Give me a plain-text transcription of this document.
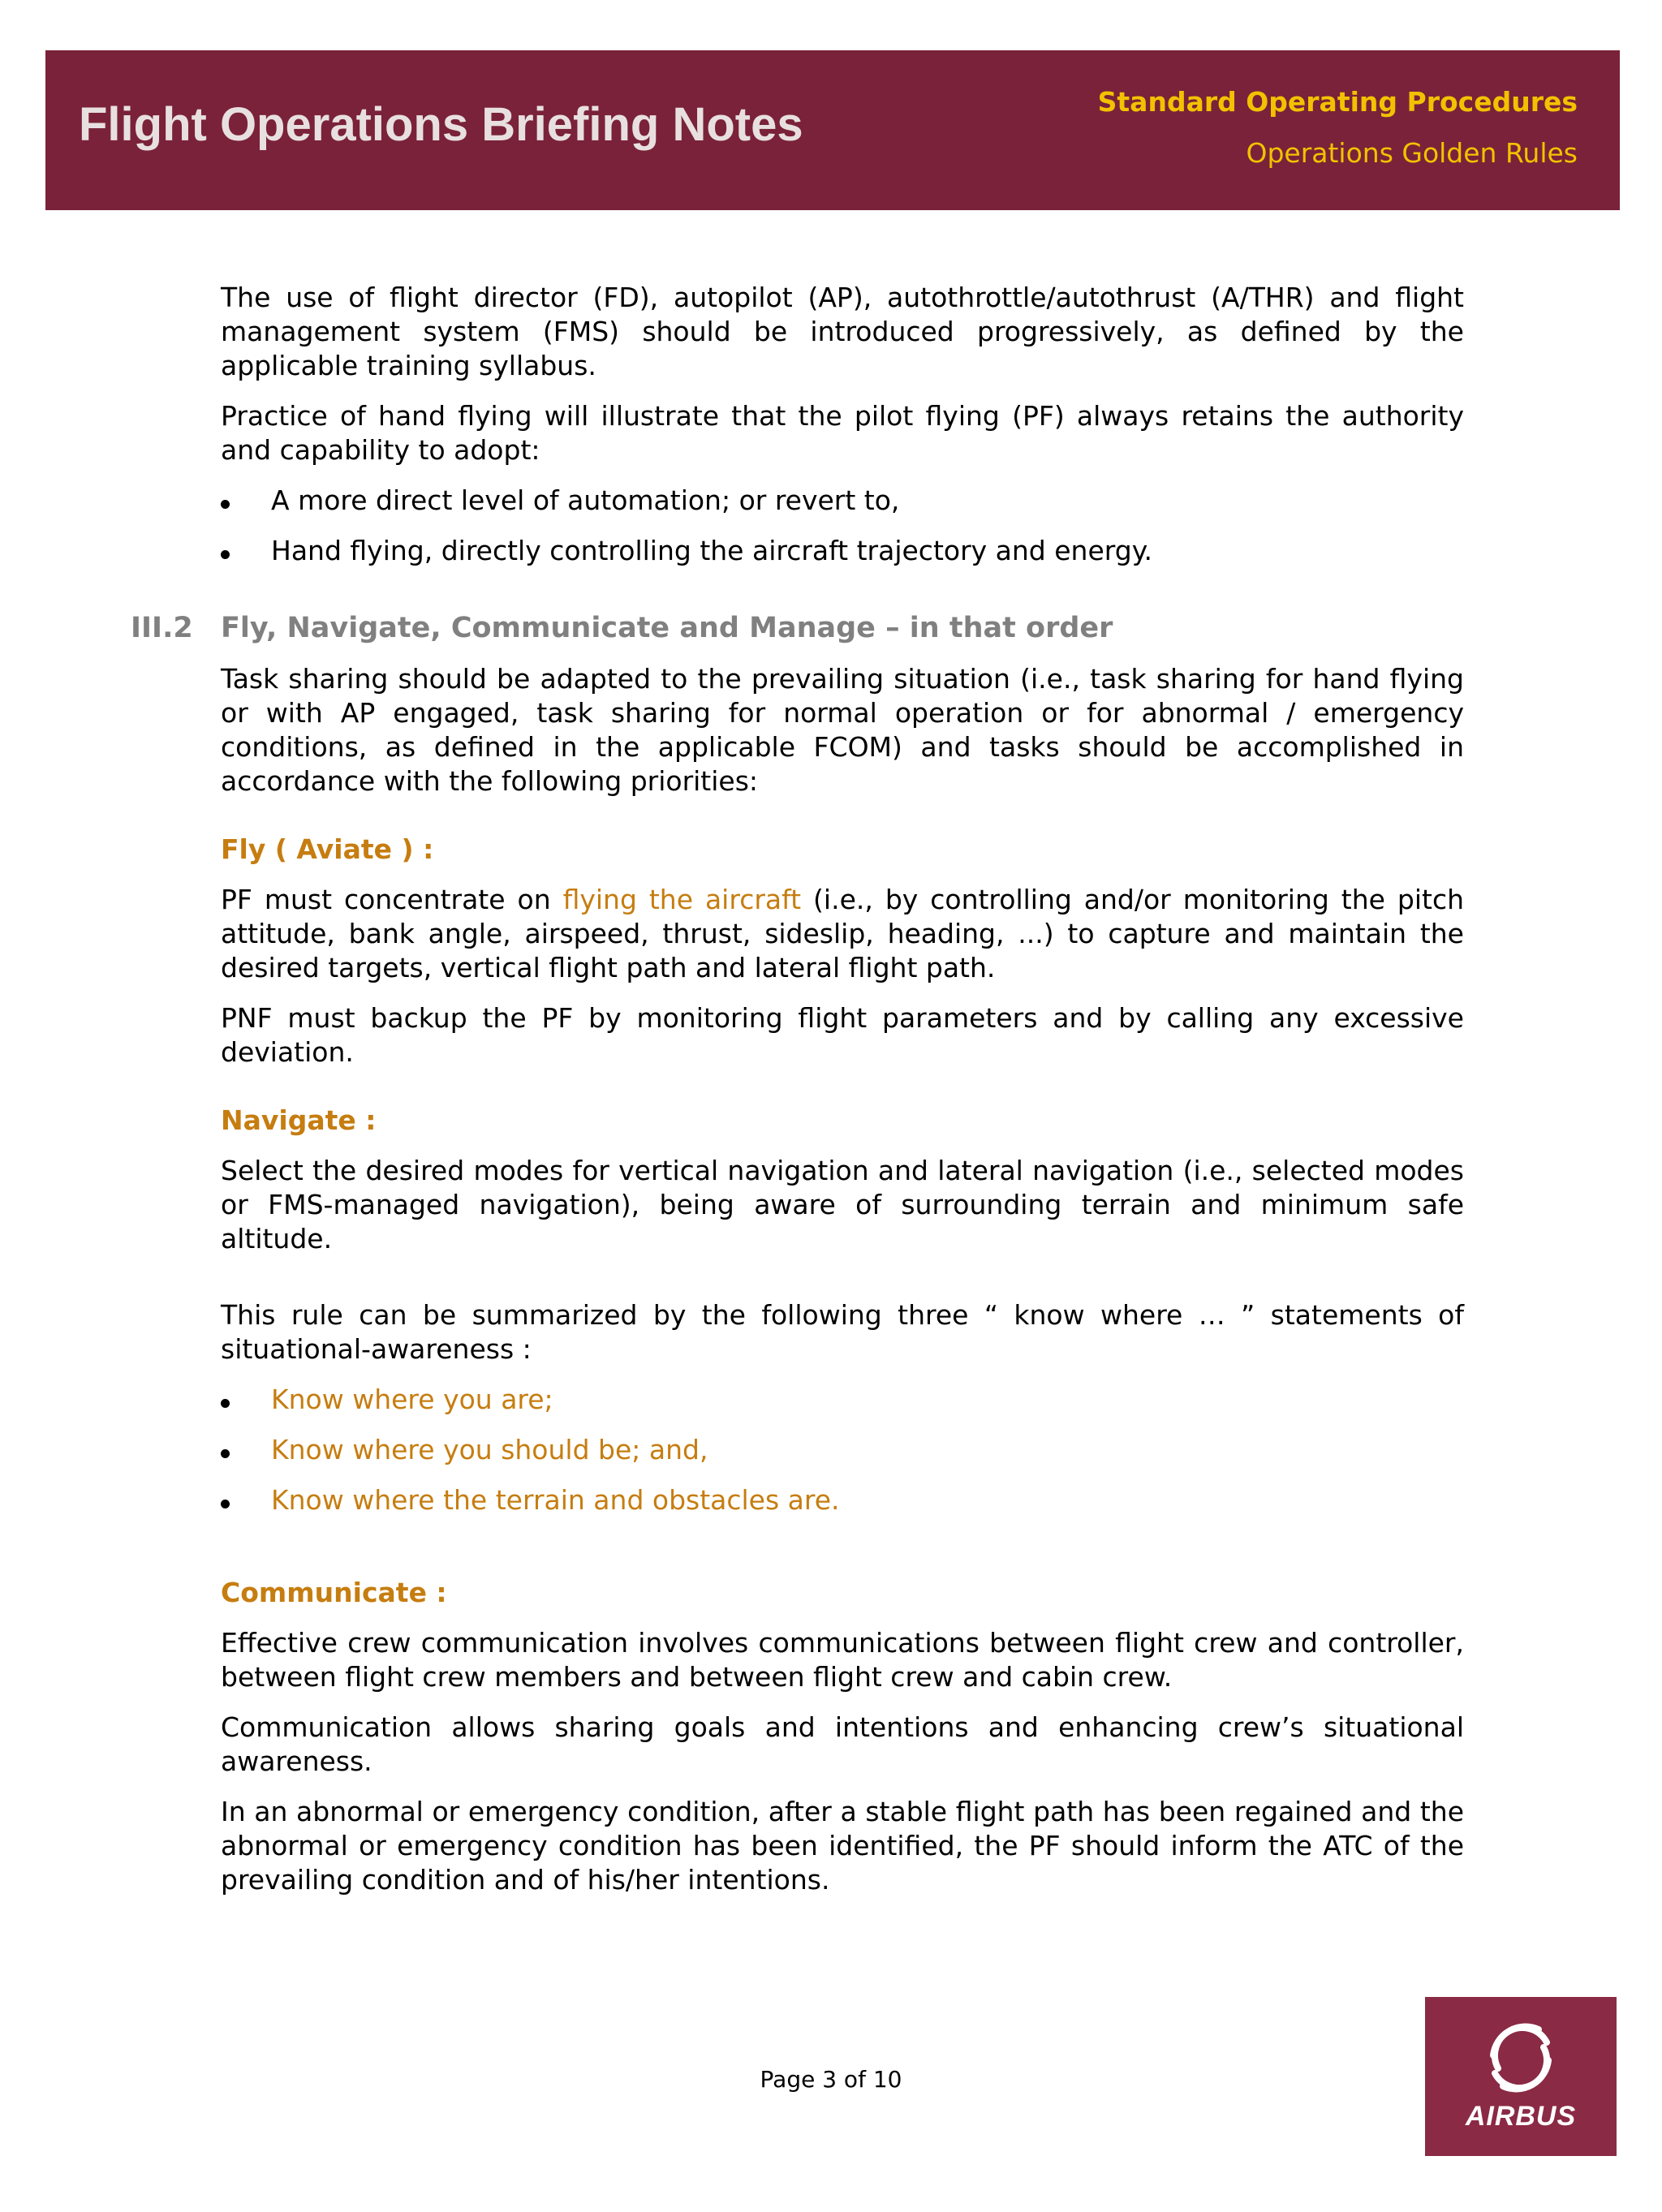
Flight Operations Briefing Notes	Standard Operating Procedures
Operations Golden Rules

The use of flight director (FD), autopilot (AP), autothrottle/autothrust (A/THR) and flight management system (FMS) should be introduced progressively, as defined by the applicable training syllabus.

Practice of hand flying will illustrate that the pilot flying (PF) always retains the authority and capability to adopt:

A more direct level of automation; or revert to,
Hand flying, directly controlling the aircraft trajectory and energy.
III.2 Fly, Navigate, Communicate and Manage – in that order

Task sharing should be adapted to the prevailing situation (i.e., task sharing for hand flying or with AP engaged, task sharing for normal operation or for abnormal / emergency conditions, as defined in the applicable FCOM) and tasks should be accomplished in accordance with the following priorities:

Fly ( Aviate ) :

PF must concentrate on flying the aircraft (i.e., by controlling and/or monitoring the pitch attitude, bank angle, airspeed, thrust, sideslip, heading, ...) to capture and maintain the desired targets, vertical flight path and lateral flight path.

PNF must backup the PF by monitoring flight parameters and by calling any excessive deviation.

Navigate :

Select the desired modes for vertical navigation and lateral navigation (i.e., selected modes or FMS-managed navigation), being aware of surrounding terrain and minimum safe altitude.

This rule can be summarized by the following three “ know where … ” statements of situational-awareness :

Know where you are;
Know where you should be; and,
Know where the terrain and obstacles are.
Communicate :

Effective crew communication involves communications between flight crew and controller, between flight crew members and between flight crew and cabin crew.

Communication allows sharing goals and intentions and enhancing crew’s situational awareness.

In an abnormal or emergency condition, after a stable flight path has been regained and the abnormal or emergency condition has been identified, the PF should inform the ATC of the prevailing condition and of his/her intentions.

Page 3 of 10
AIRBUS
